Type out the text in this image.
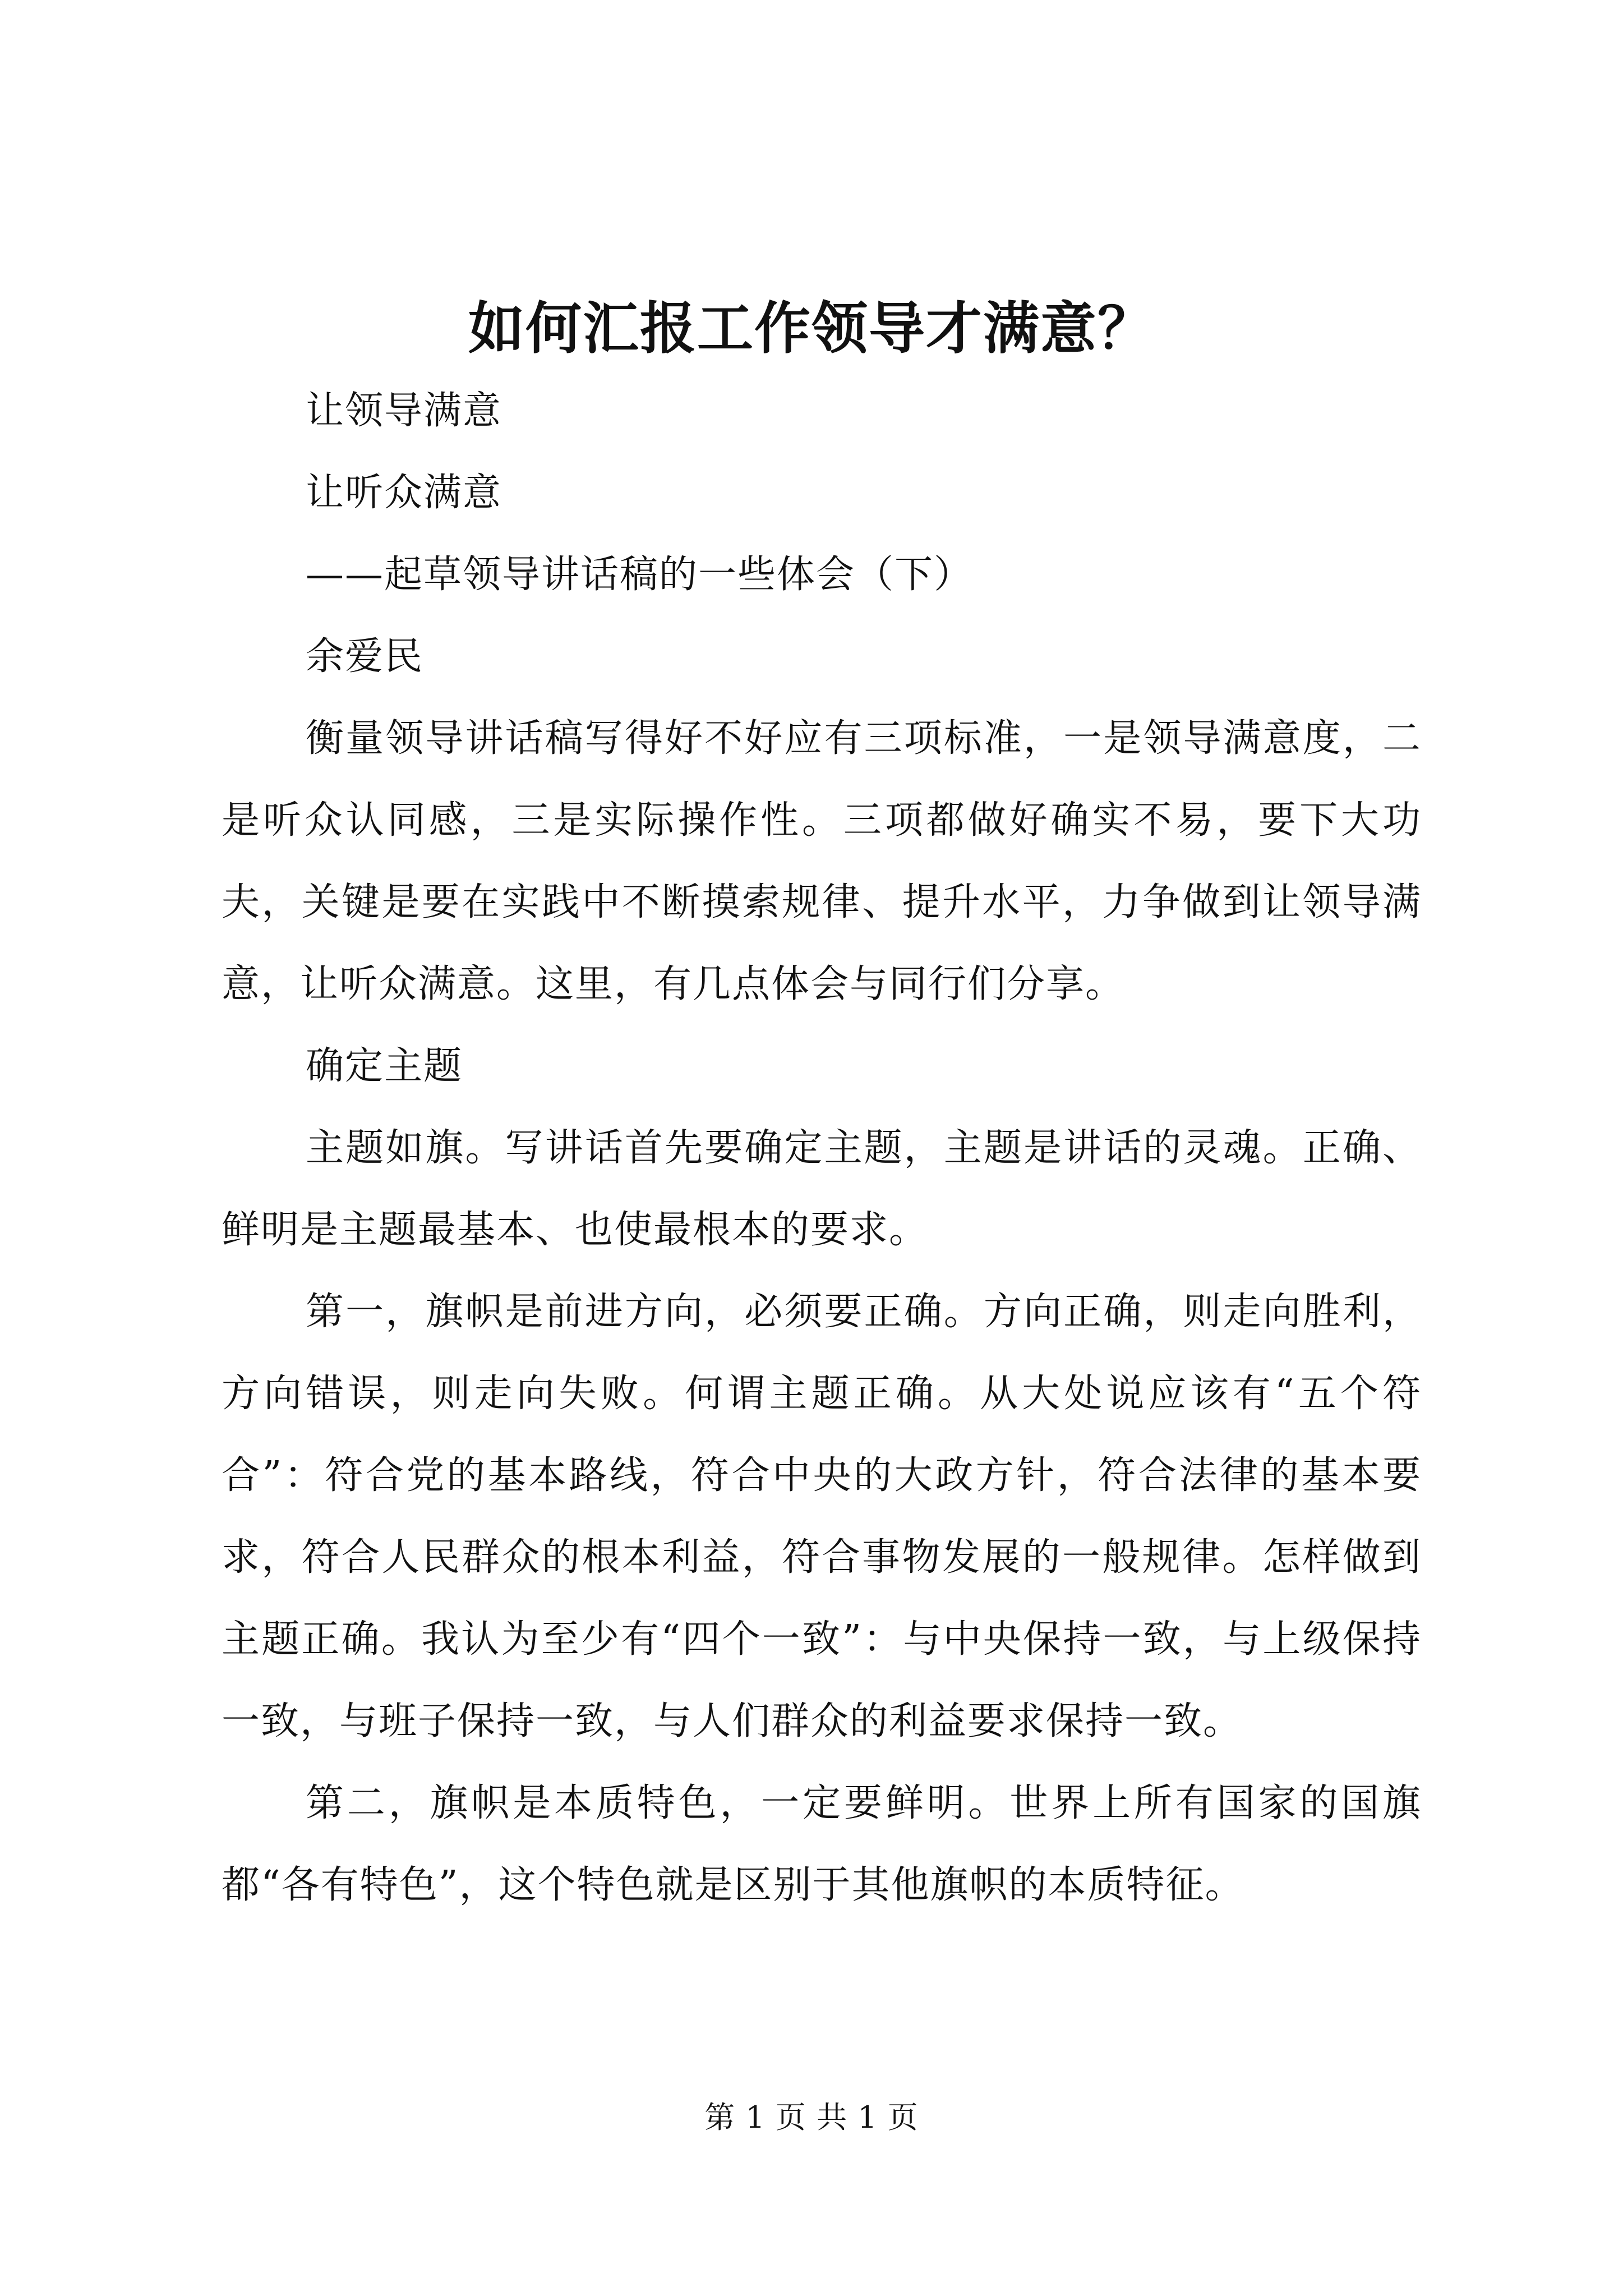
如何汇报工作领导才满意？

让领导满意

让听众满意

——起草领导讲话稿的一些体会（下）

余爱民

衡量领导讲话稿写得好不好应有三项标准，一是领导满意度，二是听众认同感，三是实际操作性。三项都做好确实不易，要下大功夫，关键是要在实践中不断摸索规律、提升水平，力争做到让领导满意，让听众满意。这里，有几点体会与同行们分享。

确定主题

主题如旗。写讲话首先要确定主题，主题是讲话的灵魂。正确、鲜明是主题最基本、也使最根本的要求。

第一，旗帜是前进方向，必须要正确。方向正确，则走向胜利，方向错误，则走向失败。何谓主题正确。从大处说应该有“五个符合”：符合党的基本路线，符合中央的大政方针，符合法律的基本要求，符合人民群众的根本利益，符合事物发展的一般规律。怎样做到主题正确。我认为至少有“四个一致”：与中央保持一致，与上级保持一致，与班子保持一致，与人们群众的利益要求保持一致。

第二，旗帜是本质特色，一定要鲜明。世界上所有国家的国旗都“各有特色”，这个特色就是区别于其他旗帜的本质特征。

第 1 页 共 1 页
